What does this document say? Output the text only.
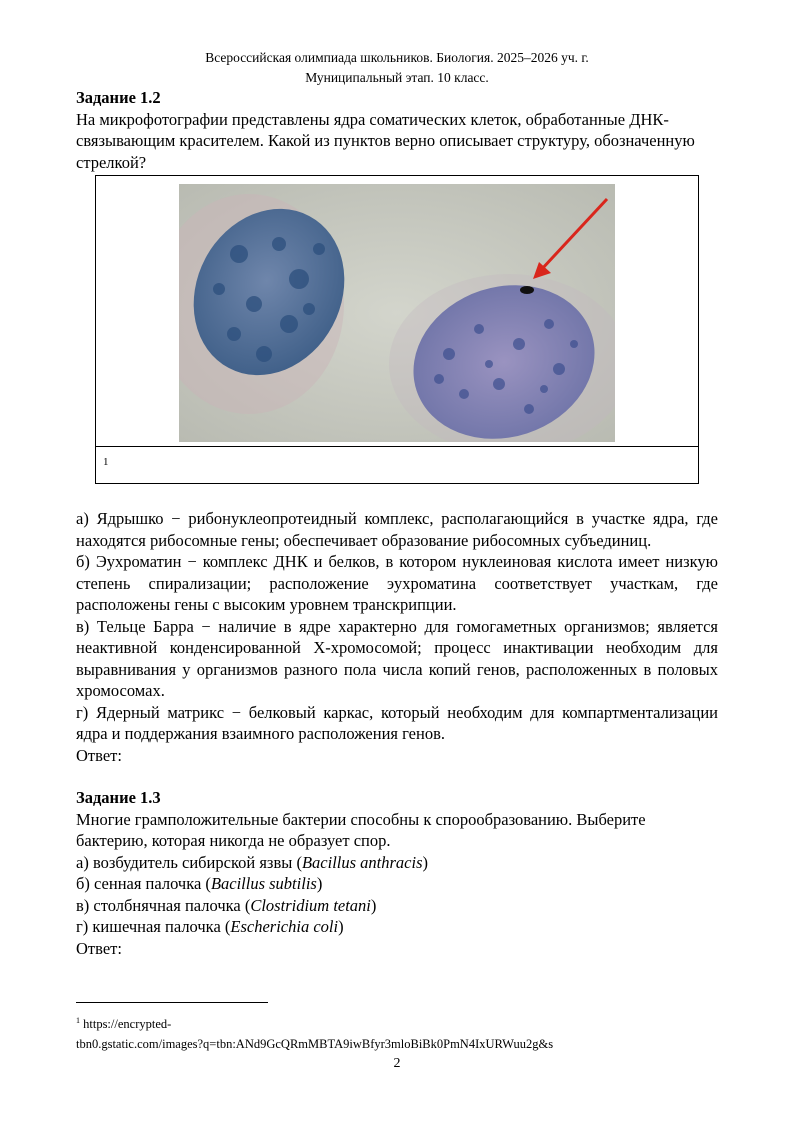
Всероссийская олимпиада школьников. Биология. 2025–2026 уч. г.
Муниципальный этап. 10 класс.

Задание 1.2

На микрофотографии представлены ядра соматических клеток, обработанные ДНК-связывающим красителем. Какой из пунктов верно описывает структуру, обозначенную стрелкой?

1

а) Ядрышко − рибонуклеопротеидный комплекс, располагающийся в участке ядра, где находятся рибосомные гены; обеспечивает образование рибосомных субъединиц.

б) Эухроматин − комплекс ДНК и белков, в котором нуклеиновая кислота имеет низкую степень спирализации; расположение эухроматина соответствует участкам, где расположены гены с высоким уровнем транскрипции.

в) Тельце Барра − наличие в ядре характерно для гомогаметных организмов; является неактивной конденсированной X-хромосомой; процесс инактивации необходим для выравнивания у организмов разного пола числа копий генов, расположенных в половых хромосомах.

г) Ядерный матрикс − белковый каркас, который необходим для компартментализации ядра и поддержания взаимного расположения генов.

Ответ:

Задание 1.3

Многие грамположительные бактерии способны к спорообразованию. Выберите бактерию, которая никогда не образует спор.

а) возбудитель сибирской язвы (Bacillus anthracis)

б) сенная палочка (Bacillus subtilis)

в) столбнячная палочка (Clostridium tetani)

г) кишечная палочка (Escherichia coli)

Ответ:

$^1$ https://encrypted-
tbn0.gstatic.com/images?q=tbn:ANd9GcQRmMBTA9iwBfyr3mloBiBk0PmN4IxURWuu2g&s
2
